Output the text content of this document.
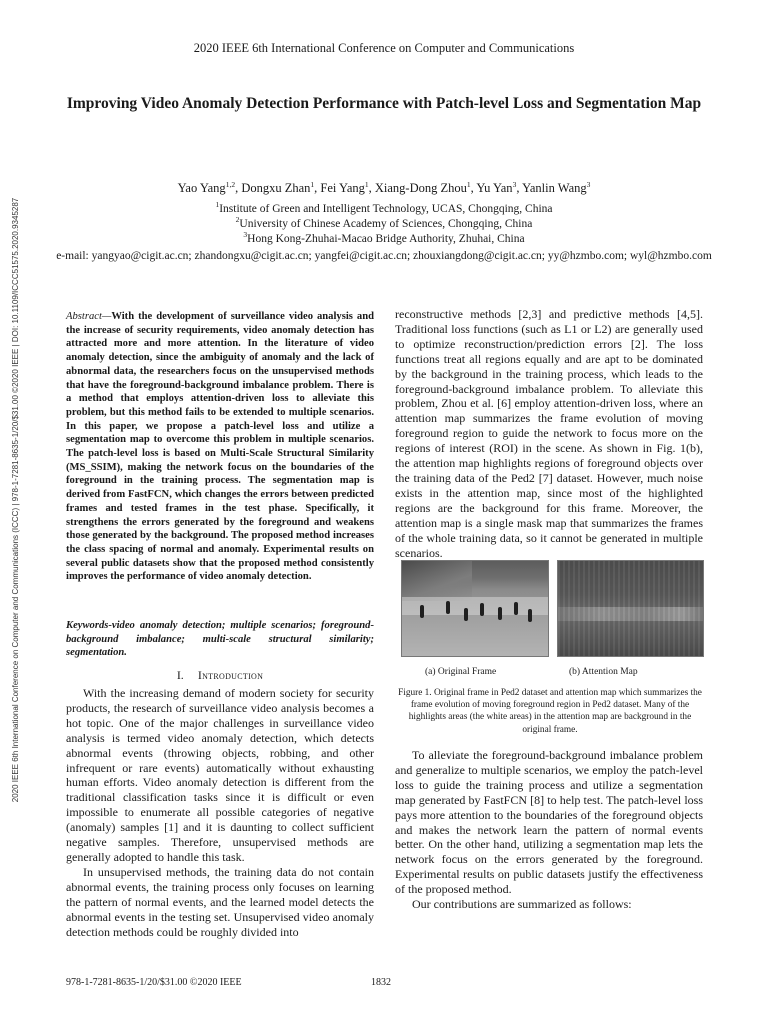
2020 IEEE 6th International Conference on Computer and Communications
Improving Video Anomaly Detection Performance with Patch-level Loss and Segmentation Map
Yao Yang$^{1,2}$, Dongxu Zhan$^1$, Fei Yang$^1$, Xiang-Dong Zhou$^1$, Yu Yan$^3$, Yanlin Wang$^3$
$^1$Institute of Green and Intelligent Technology, UCAS, Chongqing, China
$^2$University of Chinese Academy of Sciences, Chongqing, China
$^3$Hong Kong-Zhuhai-Macao Bridge Authority, Zhuhai, China
e-mail: yangyao@cigit.ac.cn; zhandongxu@cigit.ac.cn; yangfei@cigit.ac.cn; zhouxiangdong@cigit.ac.cn; yy@hzmbo.com; wyl@hzmbo.com
2020 IEEE 6th International Conference on Computer and Communications (ICCC) | 978-1-7281-8635-1/20/$31.00 ©2020 IEEE | DOI: 10.1109/ICCC51575.2020.9345287	Abstract—With the development of surveillance video analysis and the increase of security requirements, video anomaly detection has attracted more and more attention. In the literature of video anomaly detection, since the ambiguity of anomaly and the lack of abnormal data, the researchers focus on the unsupervised methods that have the foreground-background imbalance problem. There is a method that employs attention-driven loss to alleviate this problem, but this method fails to be extended to multiple scenarios. In this paper, we propose a patch-level loss and utilize a segmentation map to overcome this problem in multiple scenarios. The patch-level loss is based on Multi-Scale Structural Similarity (MS_SSIM), making the network focus on the boundaries of the foreground in the training process. The segmentation map is derived from FastFCN, which changes the errors between predicted frames and tested frames in the test phase. Specifically, it strengthens the errors generated by the foreground and weakens those generated by the background. The proposed method increases the class spacing of normal and anomaly. Experimental results on several public datasets show that the proposed method consistently improves the performance of video anomaly detection.
Keywords-video anomaly detection; multiple scenarios; foreground-background imbalance; multi-scale structural similarity; segmentation.
I. Introduction

With the increasing demand of modern society for security products, the research of surveillance video analysis becomes a hot topic. One of the major challenges in surveillance video analysis is termed video anomaly detection, which detects abnormal events (throwing objects, robbing, and other infrequent or rare events) automatically without exhausting human efforts. Video anomaly detection is different from the traditional classification tasks since it is difficult or even impossible to enumerate all possible categories of negative (anomaly) samples [1] and it is daunting to collect sufficient negative samples. Therefore, unsupervised methods are generally adopted to handle this task.

In unsupervised methods, the training data do not contain abnormal events, the training process only focuses on learning the pattern of normal events, and the learned model detects the abnormal events in the testing set. Unsupervised video anomaly detection methods could be roughly divided into

reconstructive methods [2,3] and predictive methods [4,5]. Traditional loss functions (such as L1 or L2) are generally used to optimize reconstruction/prediction errors [2]. The loss functions treat all regions equally and are apt to be dominated by the background in the training process, which leads to the foreground-background imbalance problem. To alleviate this problem, Zhou et al. [6] employ attention-driven loss, where an attention map summarizes the frame evolution of moving foreground region to guide the network to focus more on the regions of interest (ROI) in the scene. As shown in Fig. 1(b), the attention map highlights regions of foreground objects over the training data of the Ped2 [7] dataset. However, much noise exists in the attention map, since most of the highlighted regions are the background for this frame. Moreover, the attention map is a single mask map that summarizes the frames of the whole training data, so it cannot be generated in multiple scenarios.

(a) Original Frame	(b) Attention Map
Figure 1. Original frame in Ped2 dataset and attention map which summarizes the frame evolution of moving foreground region in Ped2 dataset. Many of the highlights areas (the white areas) in the attention map are background in the original frame.

To alleviate the foreground-background imbalance problem and generalize to multiple scenarios, we employ the patch-level loss to guide the training process and utilize a segmentation map generated by FastFCN [8] to help test. The patch-level loss pays more attention to the boundaries of the foreground objects and makes the network learn the pattern of normal events better. On the other hand, utilizing a segmentation map lets the network focus on the errors generated by the foreground. Experimental results on public datasets justify the effectiveness of the proposed method.

Our contributions are summarized as follows:

978-1-7281-8635-1/20/$31.00 ©2020 IEEE	1832
